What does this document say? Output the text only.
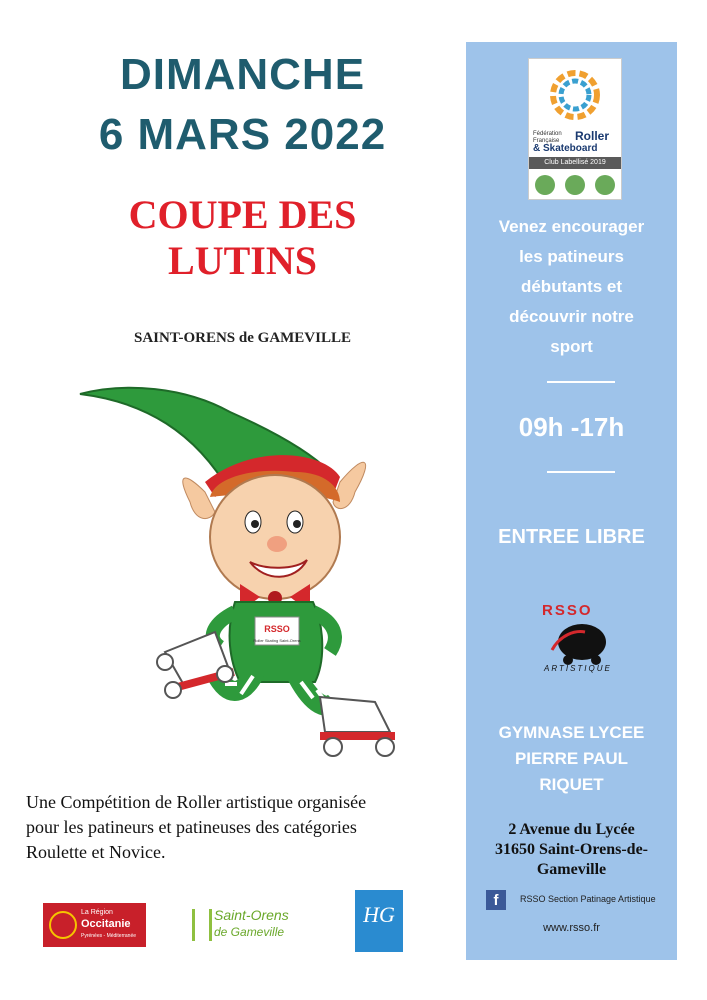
DIMANCHE
6 MARS 2022
COUPE DES
LUTINS
SAINT-ORENS de GAMEVILLE
RSSO
Roller Skating Saint-Orens
Une Compétition de Roller artistique organisée
pour les patineurs et patineuses des catégories
Roulette et Novice.
La Région
Occitanie
Pyrénées - Méditerranée
Saint-Orens
de Gameville
HG
Fédération
Française Roller
& Skateboard
Club Labellisé 2019
Venez encourager
les patineurs
débutants et
découvrir notre
sport
09h -17h
ENTREE LIBRE
RSSO
ARTISTIQUE
GYMNASE LYCEE
PIERRE PAUL
RIQUET
2 Avenue du Lycée
31650 Saint-Orens-de-
Gameville
f	RSSO Section Patinage Artistique
www.rsso.fr
